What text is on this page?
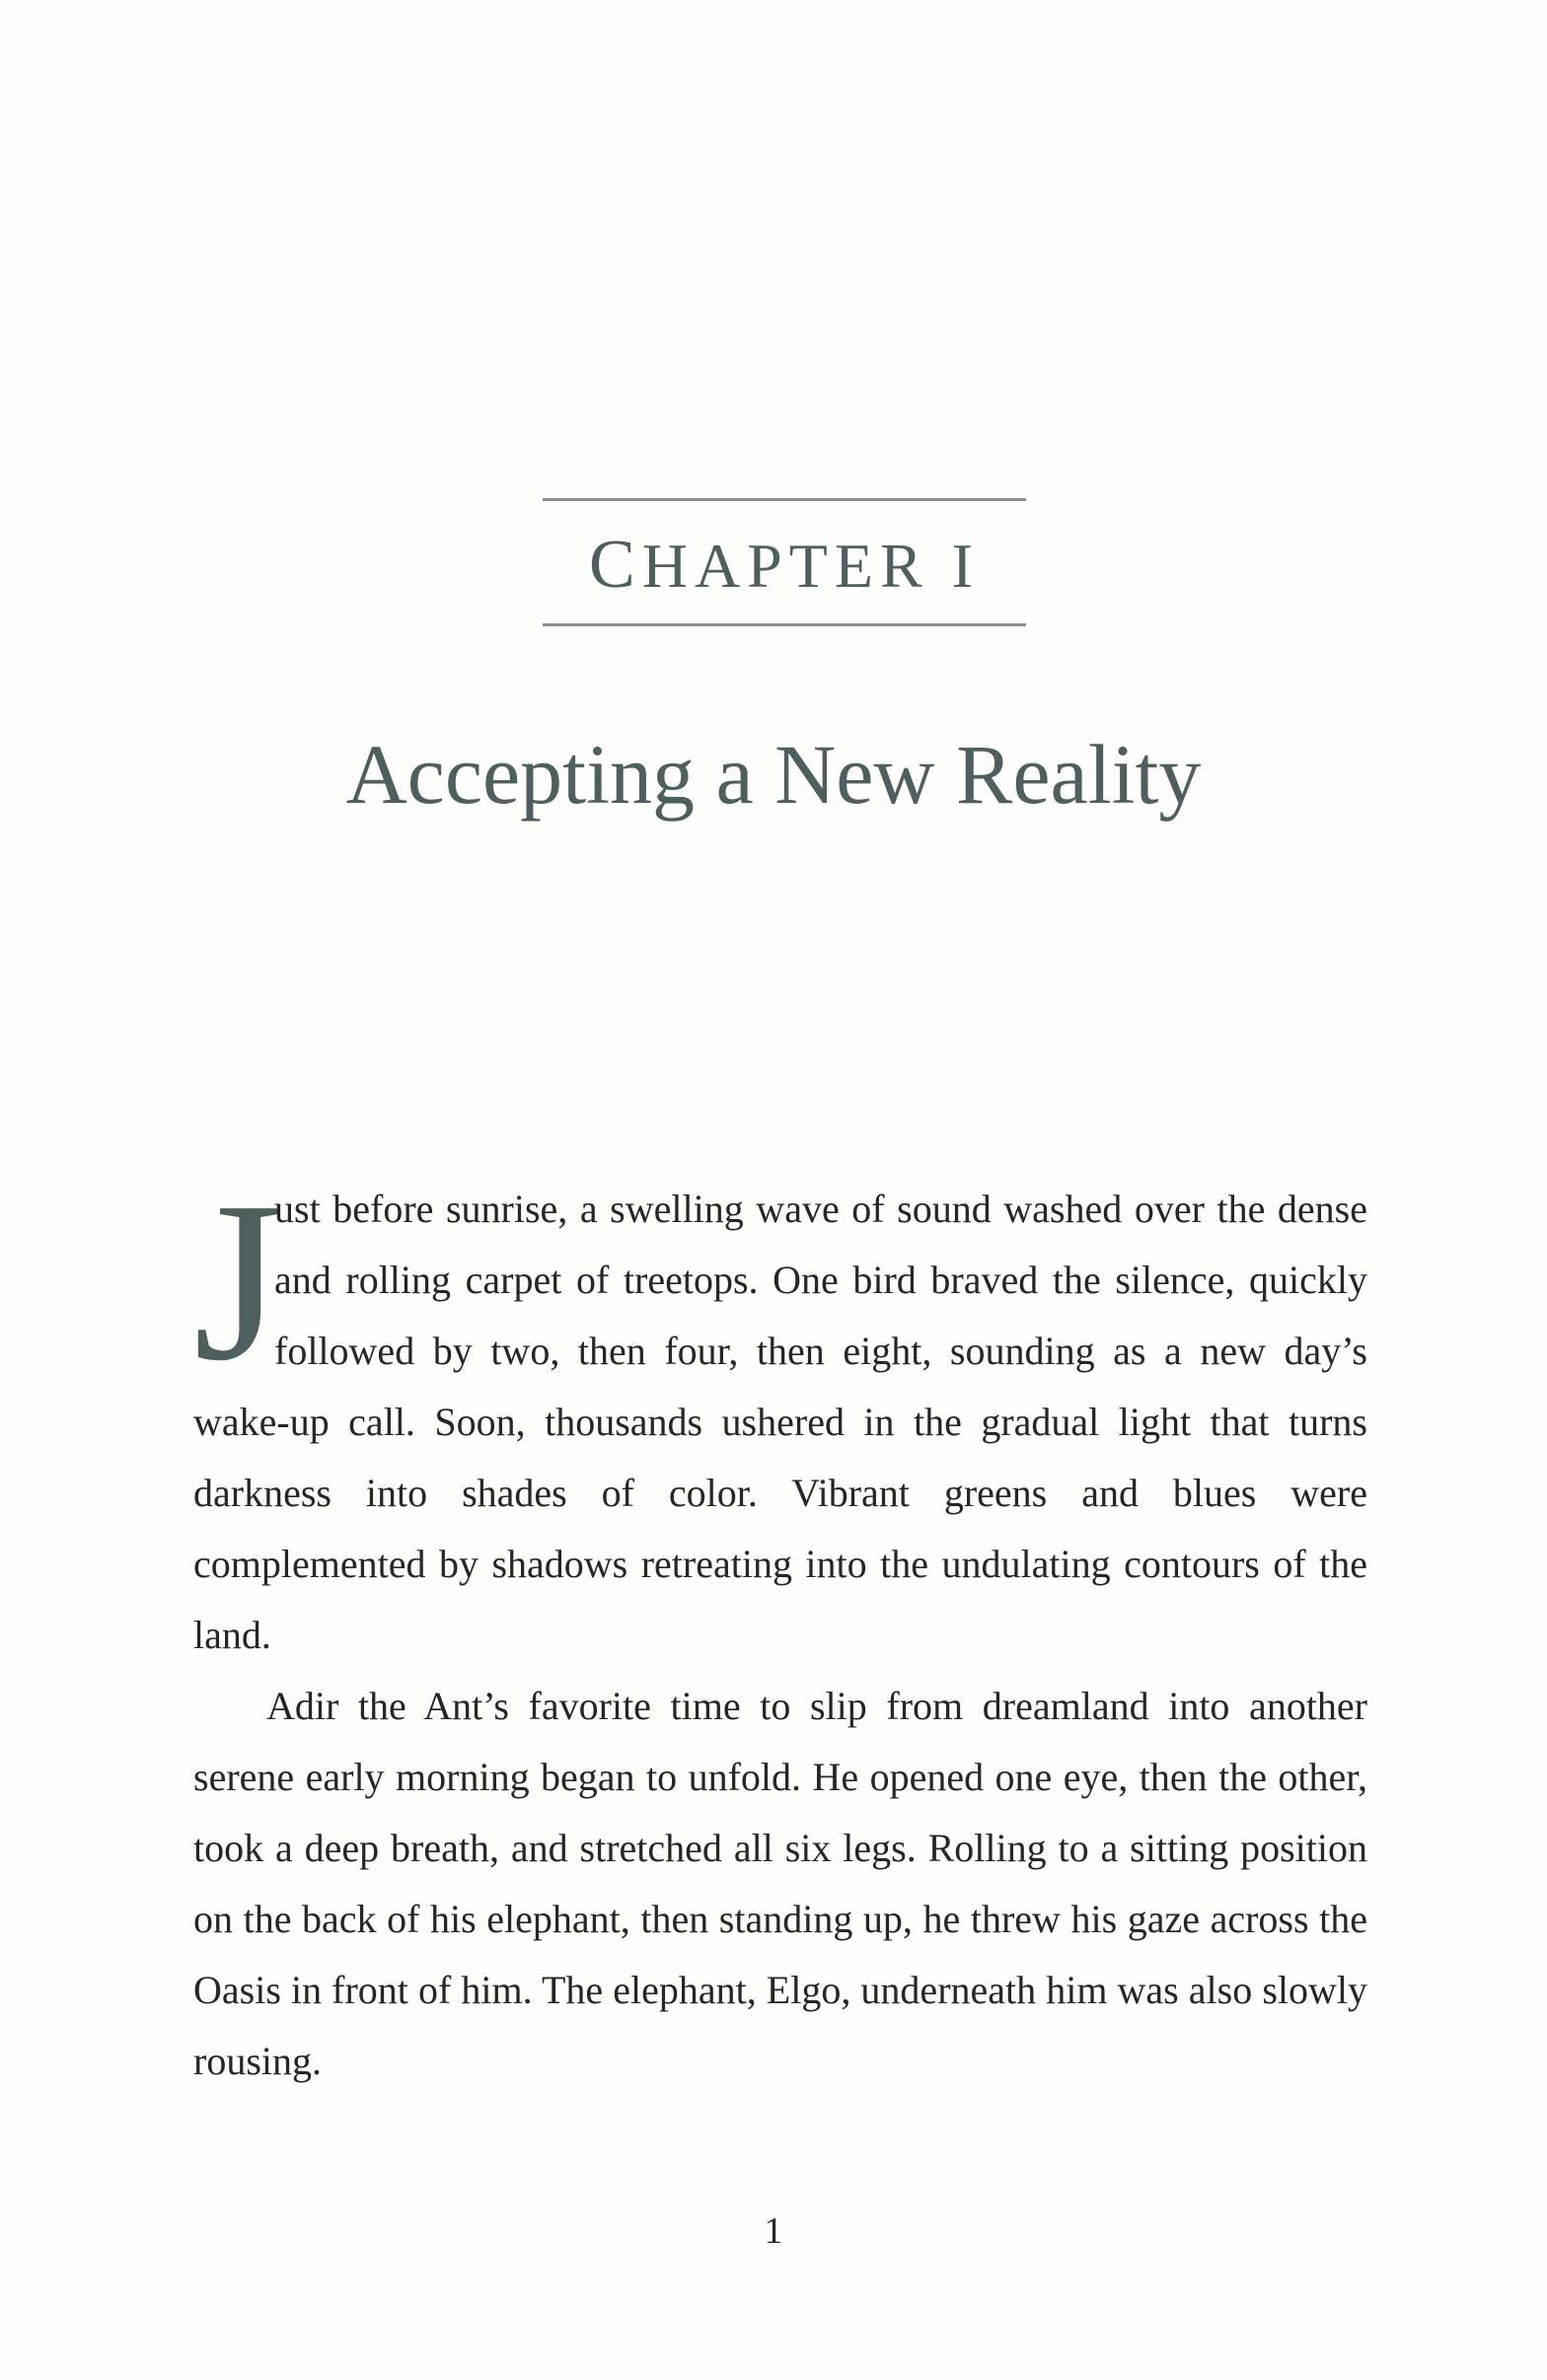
CHAPTER I
Accepting a New Reality

J
ust before sunrise, a swelling wave of sound washed over the dense and rolling carpet of treetops. One bird braved the silence, quickly followed by two, then four, then eight, sounding as a new day’s wake-up call. Soon, thousands ushered in the gradual light that turns darkness into shades of color. Vibrant greens and blues were complemented by shadows retreating into the undulating contours of the land.

Adir the Ant’s favorite time to slip from dreamland into another serene early morning began to unfold. He opened one eye, then the other, took a deep breath, and stretched all six legs. Rolling to a sitting position on the back of his elephant, then standing up, he threw his gaze across the Oasis in front of him. The elephant, Elgo, underneath him was also slowly rousing.

1
